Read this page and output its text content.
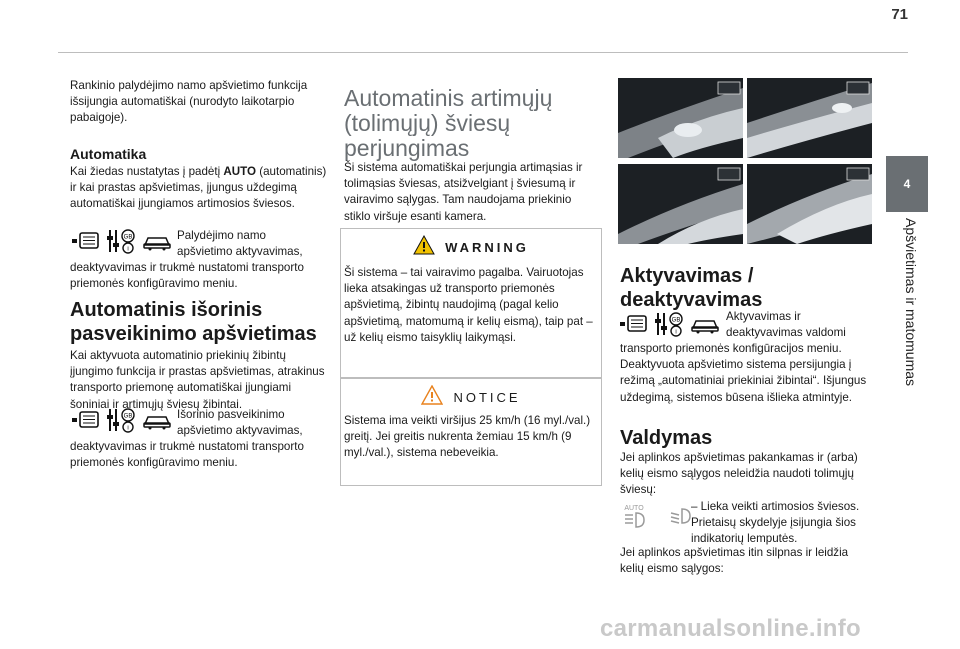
71
4
Apšvietimas ir matomumas

Rankinio palydėjimo namo apšvietimo funkcija išsijungia automatiškai (nurodyto laikotarpio pabaigoje).

Automatika

Kai žiedas nustatytas į padėtį AUTO (automatinis) ir kai prastas apšvietimas, įjungus uždegimą automatiškai įjungiamos artimosios šviesos.

GB
i

Palydėjimo namo apšvietimo aktyvavimas,

deaktyvavimas ir trukmė nustatomi transporto priemonės konfigūravimo meniu.

Automatinis išorinis pasveikinimo apšvietimas

Kai aktyvuota automatinio priekinių žibintų įjungimo funkcija ir prastas apšvietimas, atrakinus transporto priemonę automatiškai įjungiami šoniniai ir artimųjų šviesų žibintai.

GB
i

Išorinio pasveikinimo apšvietimo aktyvavimas,

deaktyvavimas ir trukmė nustatomi transporto priemonės konfigūravimo meniu.

Automatinis artimųjų (tolimųjų) šviesų perjungimas

Ši sistema automatiškai perjungia artimąsias ir tolimąsias šviesas, atsižvelgiant į šviesumą ir vairavimo sąlygas. Tam naudojama priekinio stiklo viršuje esanti kamera.

WARNING

Ši sistema – tai vairavimo pagalba. Vairuotojas lieka atsakingas už transporto priemonės apšvietimą, žibintų naudojimą (pagal kelio apšvietimą, matomumą ir kelių eismą), taip pat – už kelių eismo taisyklių laikymąsi.

NOTICE

Sistema ima veikti viršijus 25 km/h (16 myl./val.) greitį. Jei greitis nukrenta žemiau 15 km/h (9 myl./val.), sistema nebeveikia.

Aktyvavimas / deaktyvavimas

GB
i

Aktyvavimas ir deaktyvavimas valdomi

transporto priemonės konfigūracijos meniu. Deaktyvuota apšvietimo sistema persijungia į režimą „automatiniai priekiniai žibintai“. Išjungus uždegimą, sistemos būsena išlieka atmintyje.

Valdymas

Jei aplinkos apšvietimas pakankamas ir (arba) kelių eismo sąlygos neleidžia naudoti tolimųjų šviesų:

AUTO	– Lieka veikti artimosios šviesos. Prietaisų skydelyje įsijungia šios indikatorių lemputės.

Jei aplinkos apšvietimas itin silpnas ir leidžia kelių eismo sąlygos:

carmanualsonline.info
